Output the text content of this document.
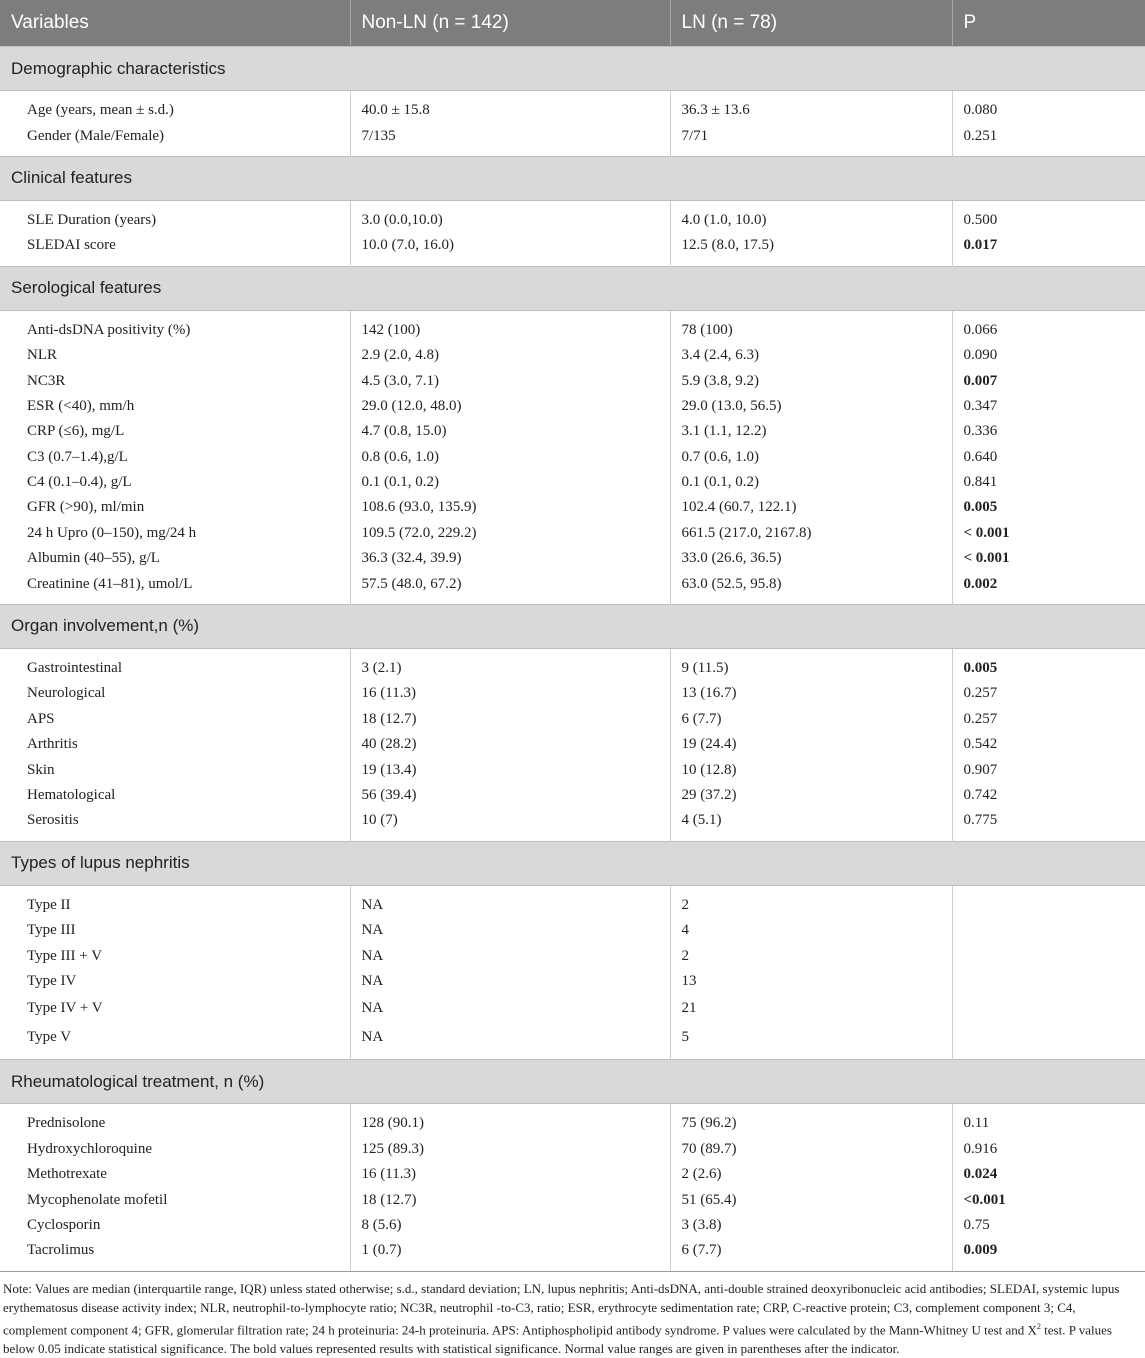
Variables	Non-LN (n = 142)	LN (n = 78)	P
Demographic characteristics			
Age (years, mean ± s.d.)	40.0 ± 15.8	36.3 ± 13.6	0.080
Gender (Male/Female)	7/135	7/71	0.251
Clinical features			
SLE Duration (years)	3.0 (0.0,10.0)	4.0 (1.0, 10.0)	0.500
SLEDAI score	10.0 (7.0, 16.0)	12.5 (8.0, 17.5)	0.017
Serological features			
Anti-dsDNA positivity (%)	142 (100)	78 (100)	0.066
NLR	2.9 (2.0, 4.8)	3.4 (2.4, 6.3)	0.090
NC3R	4.5 (3.0, 7.1)	5.9 (3.8, 9.2)	0.007
ESR (<40), mm/h	29.0 (12.0, 48.0)	29.0 (13.0, 56.5)	0.347
CRP (≤6), mg/L	4.7 (0.8, 15.0)	3.1 (1.1, 12.2)	0.336
C3 (0.7–1.4),g/L	0.8 (0.6, 1.0)	0.7 (0.6, 1.0)	0.640
C4 (0.1–0.4), g/L	0.1 (0.1, 0.2)	0.1 (0.1, 0.2)	0.841
GFR (>90), ml/min	108.6 (93.0, 135.9)	102.4 (60.7, 122.1)	0.005
24 h Upro (0–150), mg/24 h	109.5 (72.0, 229.2)	661.5 (217.0, 2167.8)	< 0.001
Albumin (40–55), g/L	36.3 (32.4, 39.9)	33.0 (26.6, 36.5)	< 0.001
Creatinine (41–81), umol/L	57.5 (48.0, 67.2)	63.0 (52.5, 95.8)	0.002
Organ involvement,n (%)			
Gastrointestinal	3 (2.1)	9 (11.5)	0.005
Neurological	16 (11.3)	13 (16.7)	0.257
APS	18 (12.7)	6 (7.7)	0.257
Arthritis	40 (28.2)	19 (24.4)	0.542
Skin	19 (13.4)	10 (12.8)	0.907
Hematological	56 (39.4)	29 (37.2)	0.742
Serositis	10 (7)	4 (5.1)	0.775
Types of lupus nephritis			
Type II	NA	2	
Type III	NA	4	
Type III + V	NA	2	
Type IV	NA	13	
Type IV + V	NA	21	
Type V	NA	5	
Rheumatological treatment, n (%)			
Prednisolone	128 (90.1)	75 (96.2)	0.11
Hydroxychloroquine	125 (89.3)	70 (89.7)	0.916
Methotrexate	16 (11.3)	2 (2.6)	0.024
Mycophenolate mofetil	18 (12.7)	51 (65.4)	<0.001
Cyclosporin	8 (5.6)	3 (3.8)	0.75
Tacrolimus	1 (0.7)	6 (7.7)	0.009
Note: Values are median (interquartile range, IQR) unless stated otherwise; s.d., standard deviation; LN, lupus nephritis; Anti-dsDNA, anti-double strained deoxyribonucleic acid antibodies; SLEDAI, systemic lupus erythematosus disease activity index; NLR, neutrophil-to-lymphocyte ratio; NC3R, neutrophil -to-C3, ratio; ESR, erythrocyte sedimentation rate; CRP, C-reactive protein; C3, complement component 3; C4, complement component 4; GFR, glomerular filtration rate; 24 h proteinuria: 24-h proteinuria. APS: Antiphospholipid antibody syndrome. P values were calculated by the Mann-Whitney U test and $X^2$ test. P values below 0.05 indicate statistical significance. The bold values represented results with statistical significance. Normal value ranges are given in parentheses after the indicator.
